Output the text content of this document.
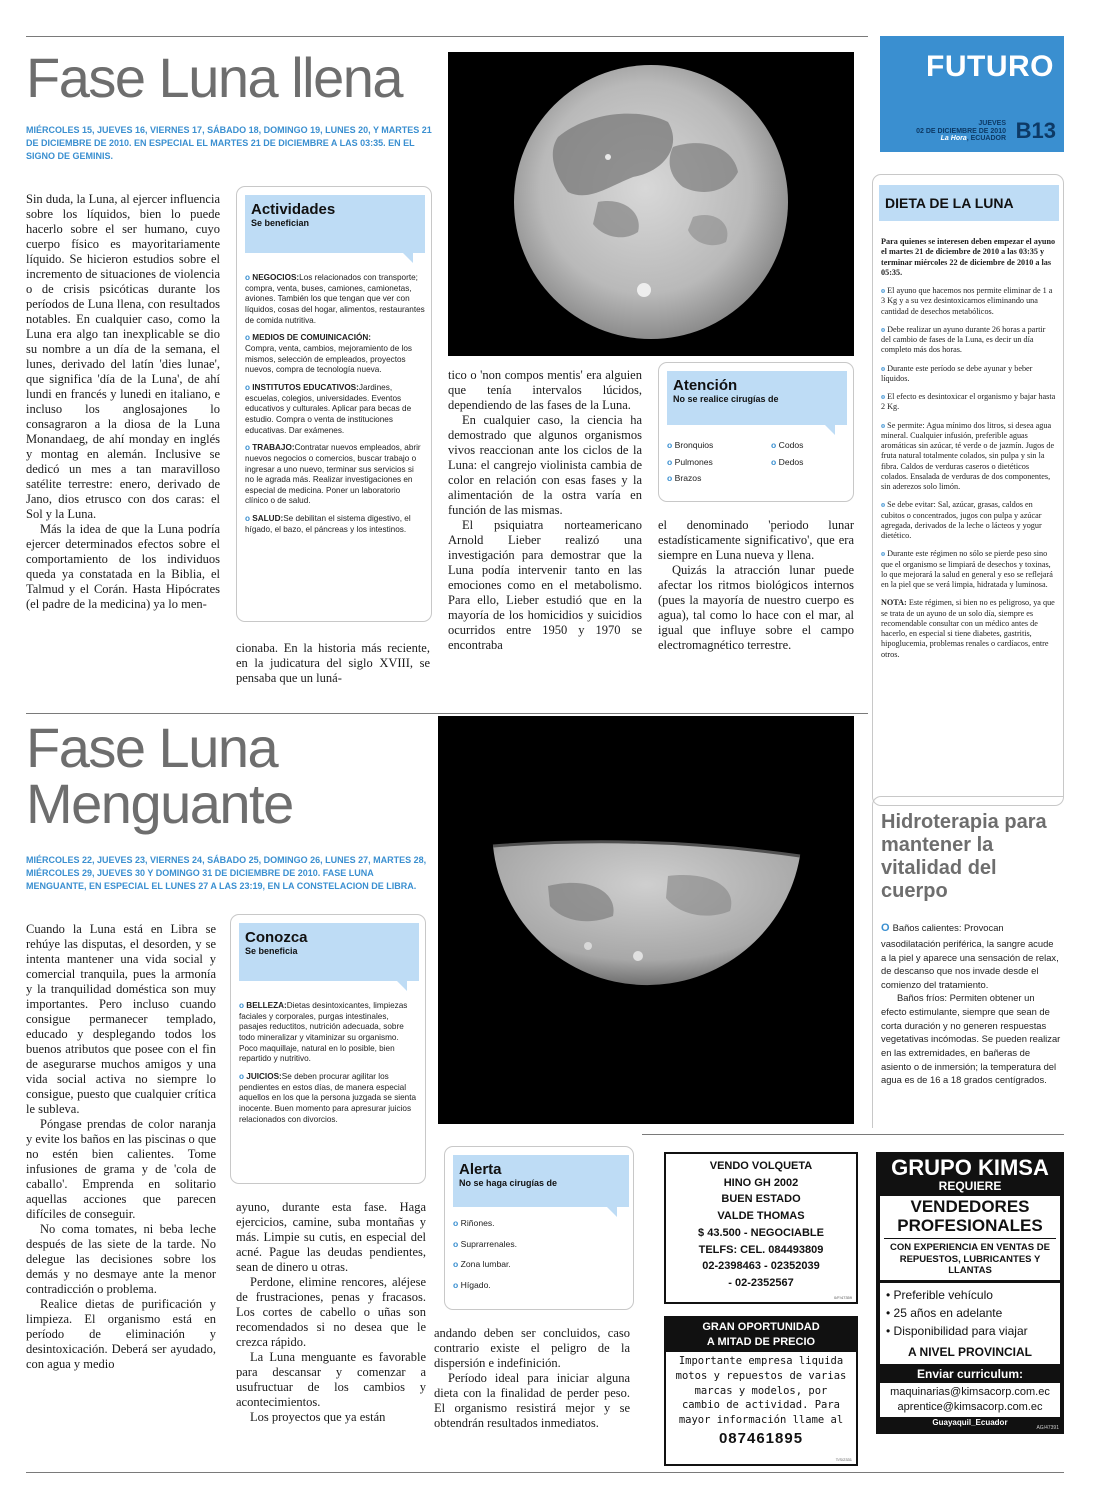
Fase Luna llena
MIÉRCOLES 15, JUEVES 16, VIERNES 17, SÁBADO 18, DOMINGO 19, LUNES 20, Y MARTES 21 DE DICIEMBRE DE 2010. EN ESPECIAL EL MARTES 21 DE DICIEMBRE A LAS 03:35. EN EL SIGNO DE GEMINIS.

Sin duda, la Luna, al ejercer influencia sobre los líquidos, bien lo puede hacerlo sobre el ser humano, cuyo cuerpo físico es mayoritariamente líquido. Se hicieron estudios sobre el incremento de situaciones de violencia o de crisis psicóticas durante los períodos de Luna llena, con resultados notables. En cualquier caso, como la Luna era algo tan inexplicable se dio su nombre a un día de la semana, el lunes, derivado del latín 'dies lunae', que significa 'día de la Luna', de ahí lundi en francés y lunedi en italiano, e incluso los anglosajones lo consagraron a la diosa de la Luna Monandaeg, de ahí monday en inglés y montag en alemán. Inclusive se dedicó un mes a tan maravilloso satélite terrestre: enero, derivado de Jano, dios etrusco con dos caras: el Sol y la Luna.

Más la idea de que la Luna podría ejercer determinados efectos sobre el comportamiento de los individuos queda ya constatada en la Biblia, el Talmud y el Corán. Hasta Hipócrates (el padre de la medicina) ya lo men-

cionaba. En la historia más reciente, en la judicatura del siglo XVIII, se pensaba que un luná-

Actividades
Se benefician
o NEGOCIOS:Los relacionados con transporte; compra, venta, buses, camiones, camionetas, aviones. También los que tengan que ver con líquidos, cosas del hogar, alimentos, restaurantes de comida nutritiva.
o MEDIOS DE COMUINICACIÓN:
Compra, venta, cambios, mejoramiento de los mismos, selección de empleados, proyectos nuevos, compra de tecnología nueva.
o INSTITUTOS EDUCATIVOS:Jardines, escuelas, colegios, universidades. Eventos educativos y culturales. Aplicar para becas de estudio. Compra o venta de instituciones educativas. Dar exámenes.
o TRABAJO:Contratar nuevos empleados, abrir nuevos negocios o comercios, buscar trabajo o ingresar a uno nuevo, terminar sus servicios si no le agrada más. Realizar investigaciones en especial de medicina. Poner un laboratorio clínico o de salud.
o SALUD:Se debilitan el sistema digestivo, el hígado, el bazo, el páncreas y los intestinos.

tico o 'non compos mentis' era alguien que tenía intervalos lúcidos, dependiendo de las fases de la Luna.

En cualquier caso, la ciencia ha demostrado que algunos organismos vivos reaccionan ante los ciclos de la Luna: el cangrejo violinista cambia de color en relación con esas fases y la alimentación de la ostra varía en función de las mismas.

El psiquiatra norteamericano Arnold Lieber realizó una investigación para demostrar que la Luna podía intervenir tanto en las emociones como en el metabolismo. Para ello, Lieber estudió que en la mayoría de los homicidios y suicidios ocurridos entre 1950 y 1970 se encontraba

Atención
No se realice cirugías de
o Bronquios
o Pulmones
o Brazos
o Codos
o Dedos

el denominado 'periodo lunar estadísticamente significativo', que era siempre en Luna nueva y llena.

Quizás la atracción lunar puede afectar los ritmos biológicos internos (pues la mayoría de nuestro cuerpo es agua), tal como lo hace con el mar, al igual que influye sobre el campo electromagnético terrestre.

Fase Luna
Menguante
MIÉRCOLES 22, JUEVES 23, VIERNES 24, SÁBADO 25, DOMINGO 26, LUNES 27, MARTES 28, MIÉRCOLES 29, JUEVES 30 Y DOMINGO 31 DE DICIEMBRE DE 2010. FASE LUNA MENGUANTE, EN ESPECIAL EL LUNES 27 A LAS 23:19, EN LA CONSTELACION DE LIBRA.

Cuando la Luna está en Libra se rehúye las disputas, el desorden, y se intenta mantener una vida social y comercial tranquila, pues la armonía y la tranquilidad doméstica son muy importantes. Pero incluso cuando consigue permanecer templado, educado y desplegando todos los buenos atributos que posee con el fin de asegurarse muchos amigos y una vida social activa no siempre lo consigue, puesto que cualquier crítica le subleva.

Póngase prendas de color naranja y evite los baños en las piscinas o que no estén bien calientes. Tome infusiones de grama y de 'cola de caballo'. Emprenda en solitario aquellas acciones que parecen difíciles de conseguir.

No coma tomates, ni beba leche después de las siete de la tarde. No delegue las decisiones sobre los demás y no desmaye ante la menor contradicción o problema.

Realice dietas de purificación y limpieza. El organismo está en período de eliminación y desintoxicación. Deberá ser ayudado, con agua y medio

Conozca
Se beneficia
o BELLEZA:Dietas desintoxicantes, limpiezas faciales y corporales, purgas intestinales, pasajes reductitos, nutrición adecuada, sobre todo mineralizar y vitaminizar su organismo.
Poco maquillaje, natural en lo posible, bien repartido y nutritivo.
o JUICIOS:Se deben procurar agilitar los pendientes en estos días, de manera especial aquellos en los que la persona juzgada se sienta inocente. Buen momento para apresurar juicios relacionados con divorcios.

ayuno, durante esta fase. Haga ejercicios, camine, suba montañas y más. Limpie su cutis, en especial del acné. Pague las deudas pendientes, sean de dinero u otras.

Perdone, elimine rencores, aléjese de frustraciones, penas y fracasos. Los cortes de cabello o uñas son recomendados si no desea que le crezca rápido.

La Luna menguante es favorable para descansar y comenzar a usufructuar de los cambios y acontecimientos.

Los proyectos que ya están

Alerta
No se haga cirugías de
o Riñones.
o Suprarrenales.
o Zona lumbar.
o Hígado.

andando deben ser concluidos, caso contrario existe el peligro de la dispersión e indefinición.

Período ideal para iniciar alguna dieta con la finalidad de perder peso. El organismo resistirá mejor y se obtendrán resultados inmediatos.

FUTURO
JUEVES
02 DE DICIEMBRE DE 2010
La Hora, ECUADOR B13
DIETA DE LA LUNA

Para quienes se interesen deben empezar el ayuno el martes 21 de diciembre de 2010 a las 03:35 y terminar miércoles 22 de diciembre de 2010 a las 05:35.

o El ayuno que hacemos nos permite eliminar de 1 a 3 Kg y a su vez desintoxicarnos eliminando una cantidad de desechos metabólicos.

o Debe realizar un ayuno durante 26 horas a partir del cambio de fases de la Luna, es decir un día completo más dos horas.

o Durante este período se debe ayunar y beber líquidos.

o El efecto es desintoxicar el organismo y bajar hasta 2 Kg.

o Se permite: Agua mínimo dos litros, si desea agua mineral. Cualquier infusión, preferible aguas aromáticas sin azúcar, té verde o de jazmín. Jugos de fruta natural totalmente colados, sin pulpa y sin la fibra. Caldos de verduras caseros o dietéticos colados. Ensalada de verduras de dos componentes, sin aderezos solo limón.

o Se debe evitar: Sal, azúcar, grasas, caldos en cubitos o concentrados, jugos con pulpa y azúcar agregada, derivados de la leche o lácteos y yogur dietético.

o Durante este régimen no sólo se pierde peso sino que el organismo se limpiará de desechos y toxinas, lo que mejorará la salud en general y eso se reflejará en la piel que se verá limpia, hidratada y luminosa.

NOTA: Este régimen, si bien no es peligroso, ya que se trata de un ayuno de un solo día, siempre es recomendable consultar con un médico antes de hacerlo, en especial si tiene diabetes, gastritis, hipoglucemia, problemas renales o cardíacos, entre otros.

Hidroterapia para mantener la vitalidad del cuerpo

O Baños calientes: Provocan vasodilatación periférica, la sangre acude a la piel y aparece una sensación de relax, de descanso que nos invade desde el comienzo del tratamiento.

Baños fríos: Permiten obtener un efecto estimulante, siempre que sean de corta duración y no generen respuestas vegetativas incómodas. Se pueden realizar en las extremidades, en bañeras de asiento o de inmersión; la temperatura del agua es de 16 a 18 grados centígrados.

VENDO VOLQUETA
HINO GH 2002
BUEN ESTADO
VALDE THOMAS
$ 43.500 - NEGOCIABLE
TELFS: CEL. 084493809
02-2398463 - 02352039
- 02-2352567
0/F/47359
GRAN OPORTUNIDAD
A MITAD DE PRECIO
Importante empresa liquida motos y repuestos de varias marcas y modelos, por cambio de actividad. Para mayor información llame al
087461895
T/S/2331
GRUPO KIMSA
REQUIERE
VENDEDORES
PROFESIONALES
CON EXPERIENCIA EN VENTAS DE REPUESTOS, LUBRICANTES Y LLANTAS
• Preferible vehículo
• 25 años en adelante
• Disponibilidad para viajar
A NIVEL PROVINCIAL
Enviar curriculum:
maquinarias@kimsacorp.com.ec
aprentice@kimsacorp.com.ec
Guayaquil_Ecuador
AG/47391
